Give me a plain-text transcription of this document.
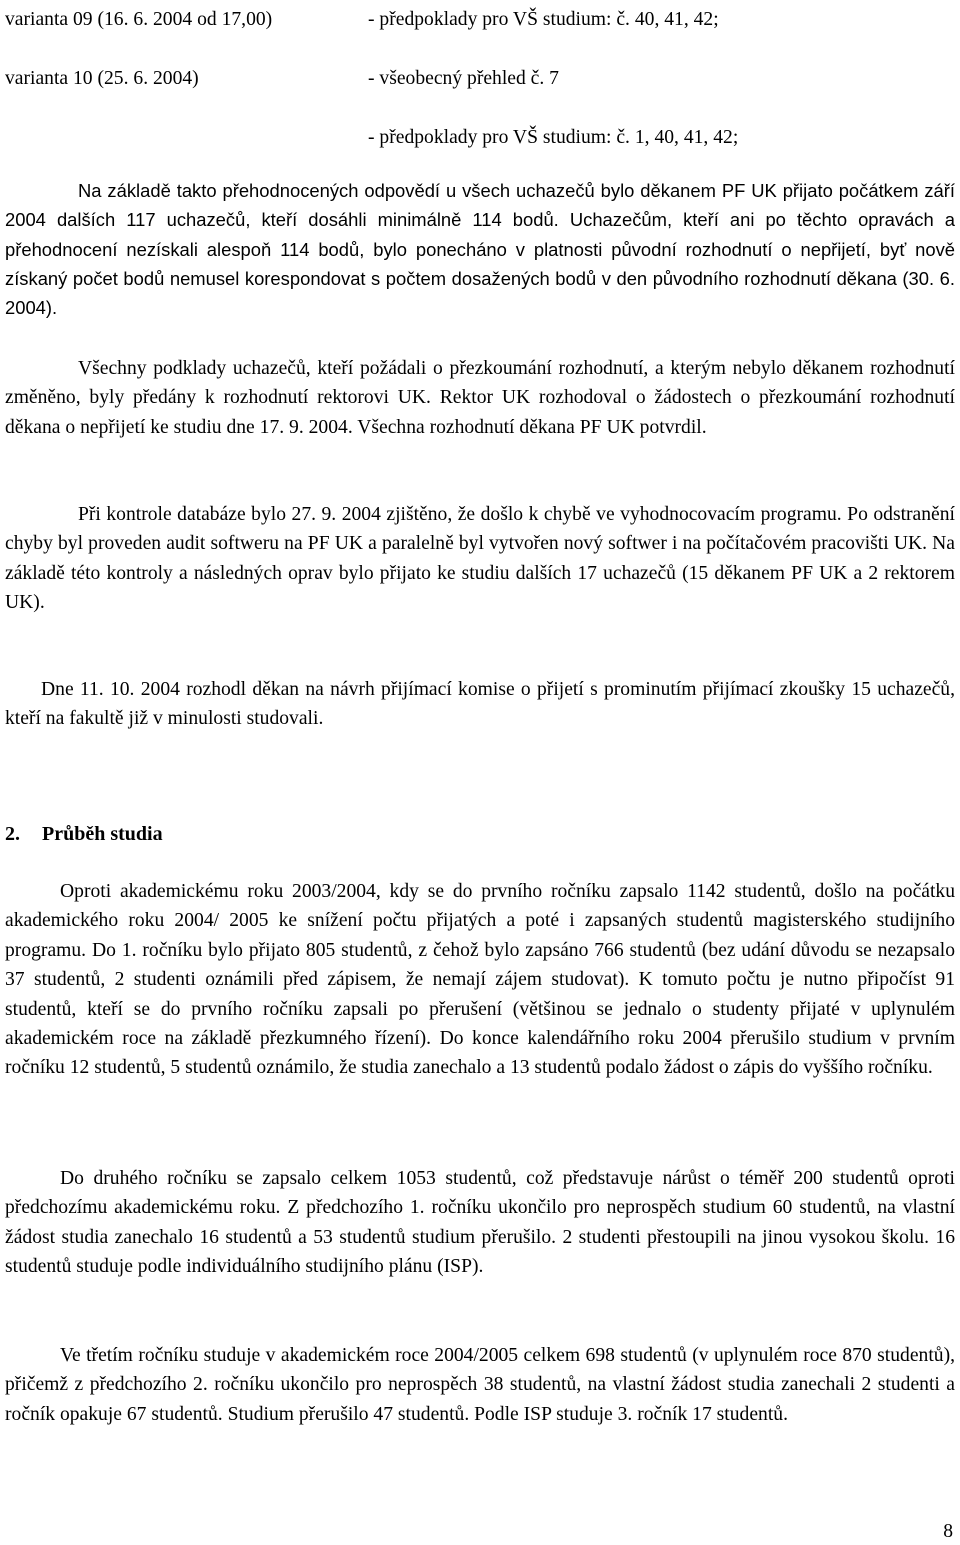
varianta 09 (16. 6. 2004 od 17,00)	- předpoklady pro VŠ studium: č. 40, 41, 42;
varianta 10 (25. 6. 2004)	- všeobecný přehled č. 7
- předpoklady pro VŠ studium: č. 1, 40, 41, 42;

Na základě takto přehodnocených odpovědí u všech uchazečů bylo děkanem PF UK přijato počátkem září 2004 dalších 117 uchazečů, kteří dosáhli minimálně 114 bodů. Uchazečům, kteří ani po těchto opravách a přehodnocení nezískali alespoň 114 bodů, bylo ponecháno v platnosti původní rozhodnutí o nepřijetí, byť nově získaný počet bodů nemusel korespondovat s počtem dosažených bodů v den původního rozhodnutí děkana (30. 6. 2004).

Všechny podklady uchazečů, kteří požádali o přezkoumání rozhodnutí, a kterým nebylo děkanem rozhodnutí změněno, byly předány k rozhodnutí rektorovi UK. Rektor UK rozhodoval o žádostech o přezkoumání rozhodnutí děkana o nepřijetí ke studiu dne 17. 9. 2004. Všechna rozhodnutí děkana PF UK potvrdil.

Při kontrole databáze bylo 27. 9. 2004 zjištěno, že došlo k chybě ve vyhodnocovacím programu. Po odstranění chyby byl proveden audit softweru na PF UK a paralelně byl vytvořen nový softwer i na počítačovém pracovišti UK. Na základě této kontroly a následných oprav bylo přijato ke studiu dalších 17 uchazečů (15 děkanem PF UK a 2 rektorem UK).

Dne 11. 10. 2004 rozhodl děkan na návrh přijímací komise o přijetí s prominutím přijímací zkoušky 15 uchazečů, kteří na fakultě již v minulosti studovali.

2. Průběh studia

Oproti akademickému roku 2003/2004, kdy se do prvního ročníku zapsalo 1142 studentů, došlo na počátku akademického roku 2004/ 2005 ke snížení počtu přijatých a poté i zapsaných studentů magisterského studijního programu. Do 1. ročníku bylo přijato 805 studentů, z čehož bylo zapsáno 766 studentů (bez udání důvodu se nezapsalo 37 studentů, 2 studenti oznámili před zápisem, že nemají zájem studovat). K tomuto počtu je nutno připočíst 91 studentů, kteří se do prvního ročníku zapsali po přerušení (většinou se jednalo o studenty přijaté v uplynulém akademickém roce na základě přezkumného řízení). Do konce kalendářního roku 2004 přerušilo studium v prvním ročníku 12 studentů, 5 studentů oznámilo, že studia zanechalo a 13 studentů podalo žádost o zápis do vyššího ročníku.

Do druhého ročníku se zapsalo celkem 1053 studentů, což představuje nárůst o téměř 200 studentů oproti předchozímu akademickému roku. Z předchozího 1. ročníku ukončilo pro neprospěch studium 60 studentů, na vlastní žádost studia zanechalo 16 studentů a 53 studentů studium přerušilo. 2 studenti přestoupili na jinou vysokou školu. 16 studentů studuje podle individuálního studijního plánu (ISP).

Ve třetím ročníku studuje v akademickém roce 2004/2005 celkem 698 studentů (v uplynulém roce 870 studentů), přičemž z předchozího 2. ročníku ukončilo pro neprospěch 38 studentů, na vlastní žádost studia zanechali 2 studenti a ročník opakuje 67 studentů. Studium přerušilo 47 studentů. Podle ISP studuje 3. ročník 17 studentů.

8
